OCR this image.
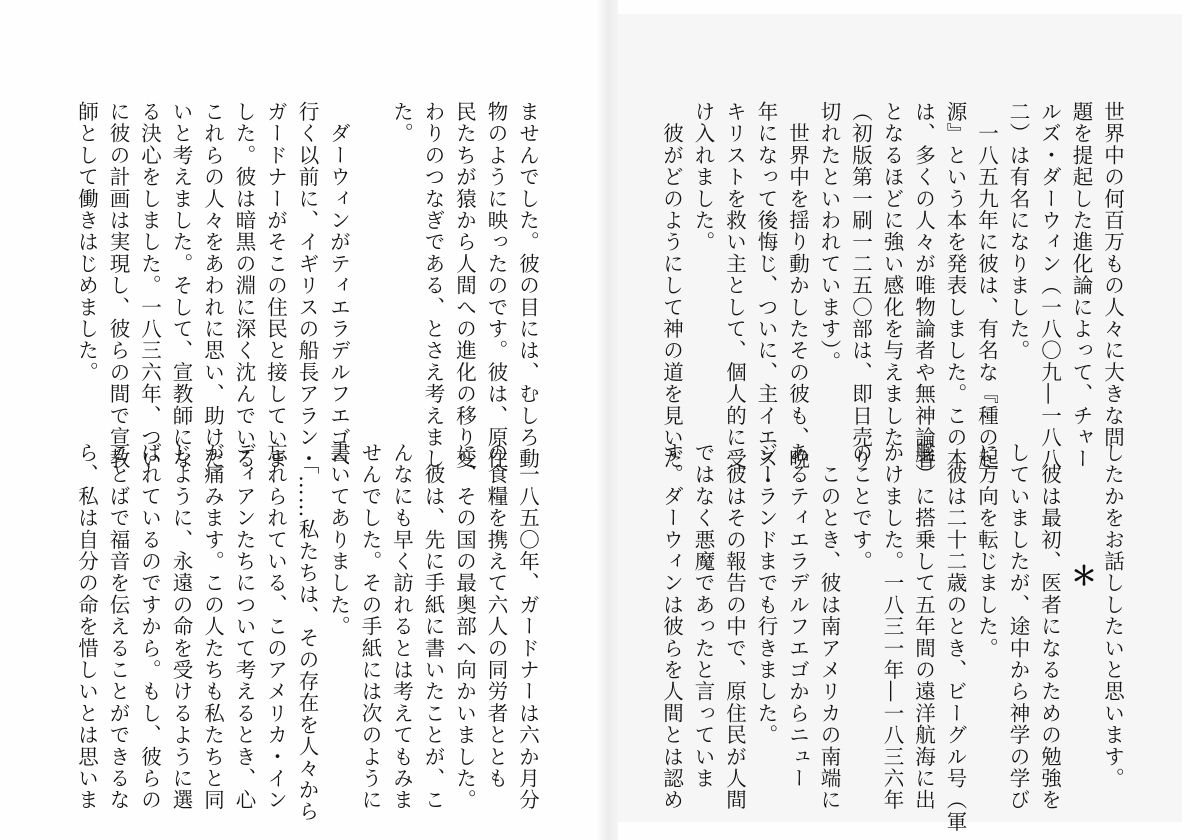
世界中の何百万もの人々に大きな問
題を提起した進化論によって、チャー
ルズ・ダーウィン（一八〇九―一八八
二）は有名になりました。
　一八五九年に彼は、有名な『種の起
源』という本を発表しました。この本
は、多くの人々が唯物論者や無神論者
となるほどに強い感化を与えました
（初版第一刷一二五〇部は、即日売り
切れたといわれています）。
　世界中を揺り動かしたその彼も、晩
年になって後悔じ、ついに、主イエス・
キリストを救い主として、個人的に受
け入れました。
　彼がどのようにして神の道を見いだ

したかをお話ししたいと思います。

　彼は最初、医者になるための勉強を
していましたが、途中から神学の学び
に方向を転じました。
　彼は二十二歳のとき、ビーグル号（軍
艦）に搭乗して五年間の遠洋航海に出
かけました。一八三一年―一八三六年
のことです。
　このとき、彼は南アメリカの南端に
あるティエラデルフエゴからニュー
ジーランドまでも行きました。
　彼はその報告の中で、原住民が人間
ではなく悪魔であったと言っていま
す。ダーウィンは彼らを人間とは認め	＊

ませんでした。彼の目には、むしろ動
物のように映ったのです。彼は、原住
民たちが猿から人間への進化の移り変
わりのつなぎである、とさえ考えまし
た。

　ダーウィンがティエラデルフエゴへ
行く以前に、イギリスの船長アラン・
ガードナーがそこの住民と接していま
した。彼は暗黒の淵に深く沈んでいる
これらの人々をあわれに思い、助けた
いと考えました。そして、宣教師にな
る決心をしました。一八三六年、つい
に彼の計画は実現し、彼らの間で宣教
師として働きはじめました。

　一八五〇年、ガードナーは六か月分
の食糧を携えて六人の同労者ととも
に、その国の最奥部へ向かいました。
　彼は、先に手紙に書いたことが、こ
んなにも早く訪れるとは考えてもみま
せんでした。その手紙には次のように
書いてありました。
　「……私たちは、その存在を人々から
忘れられている、このアメリカ・イン
ディアンたちについて考えるとき、心
が痛みます。この人たちも私たちと同
じように、永遠の命を受けるように選
ばれているのですから。もし、彼らの
ことばで福音を伝えることができるな
ら、私は自分の命を惜しいとは思いま
